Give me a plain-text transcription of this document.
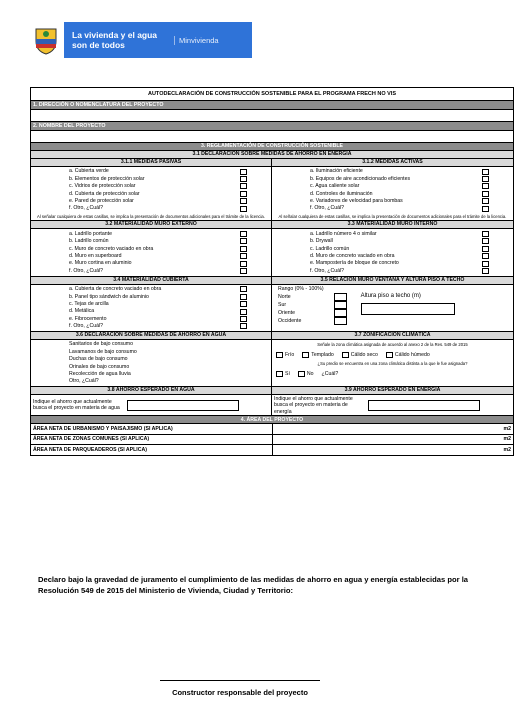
La vivienda y el agua son de todos	Minvivienda
AUTODECLARACIÓN DE CONSTRUCCIÓN SOSTENIBLE PARA EL PROGRAMA FRECH NO VIS
1. DIRECCIÓN O NOMENCLATURA DEL PROYECTO
2. NOMBRE DEL PROYECTO
3. REGLAMENTACIÓN DE CONSTRUCCIÓN SOSTENIBLE
3.1 DECLARACIÓN SOBRE MEDIDAS DE AHORRO EN ENERGÍA
3.1.1 MEDIDAS PASIVAS
a. Cubierta verde
b. Elementos de protección solar
c. Vidrios de protección solar
d. Cubierta de protección solar
e. Pared de protección solar
f. Otro, ¿Cuál?
Al señalar cualquiera de estas casillas, se implica la presentación de documentos adicionales para el trámite de la licencia.
3.1.2 MEDIDAS ACTIVAS
a. Iluminación eficiente
b. Equipos de aire acondicionado eficientes
c. Agua caliente solar
d. Controles de iluminación
e. Variadores de velocidad para bombas
f. Otro, ¿Cuál?
Al señalar cualquiera de estas casillas, se implica la presentación de documentos adicionales para el trámite de la licencia.
3.2 MATERIALIDAD MURO EXTERNO
a. Ladrillo portante
b. Ladrillo común
c. Muro de concreto vaciado en obra
d. Muro en superboard
e. Muro cortina en aluminio
f. Otro, ¿Cuál?
3.3 MATERIALIDAD MURO INTERNO
a. Ladrillo número 4 o similar
b. Drywall
c. Ladrillo común
d. Muro de concreto vaciado en obra
e. Mampostería de bloque de concreto
f. Otro, ¿Cuál?
3.4 MATERIALIDAD CUBIERTA
a. Cubierta de concreto vaciado en obra
b. Panel tipo sándwich de aluminio
c. Tejas de arcilla
d. Metálica
e. Fibrocemento
f. Otro, ¿Cuál?
3.5 RELACIÓN MURO VENTANA Y ALTURA PISO A TECHO
Rango (0% - 100%)
Norte
Sur
Oriente
Occidente
Altura piso a techo (m)
3.6 DECLARACIÓN SOBRE MEDIDAS DE AHORRO EN AGUA
Sanitarios de bajo consumo
Lavamanos de bajo consumo
Duchas de bajo consumo
Orinales de bajo consumo
Recolección de agua lluvia
Otro, ¿Cuál?
3.7 ZONIFICACIÓN CLIMÁTICA
Señale la zona climática asignada de acuerdo al anexo 2 de la Res. 549 de 2015
Frío	Templado	Cálido seco	Cálido húmedo
¿Su predio se encuentra en una zona climática distinta a la que le fue asignada?
Sí	No ¿Cuál?
3.8 AHORRO ESPERADO EN AGUA
Indique el ahorro que actualmente busca el proyecto en materia de agua
3.9 AHORRO ESPERADO EN ENERGÍA
Indique el ahorro que actualmente busca el proyecto en materia de energía
4. ÁREA DEL PROYECTO
ÁREA NETA DE URBANISMO Y PAISAJISMO (SI APLICA)	m2
ÁREA NETA DE ZONAS COMUNES (SI APLICA)	m2
ÁREA NETA DE PARQUEADEROS (SI APLICA)	m2
Declaro bajo la gravedad de juramento el cumplimiento de las medidas de ahorro en agua y energía establecidas por la Resolución 549 de 2015 del Ministerio de Vivienda, Ciudad y Territorio:
Constructor responsable del proyecto
